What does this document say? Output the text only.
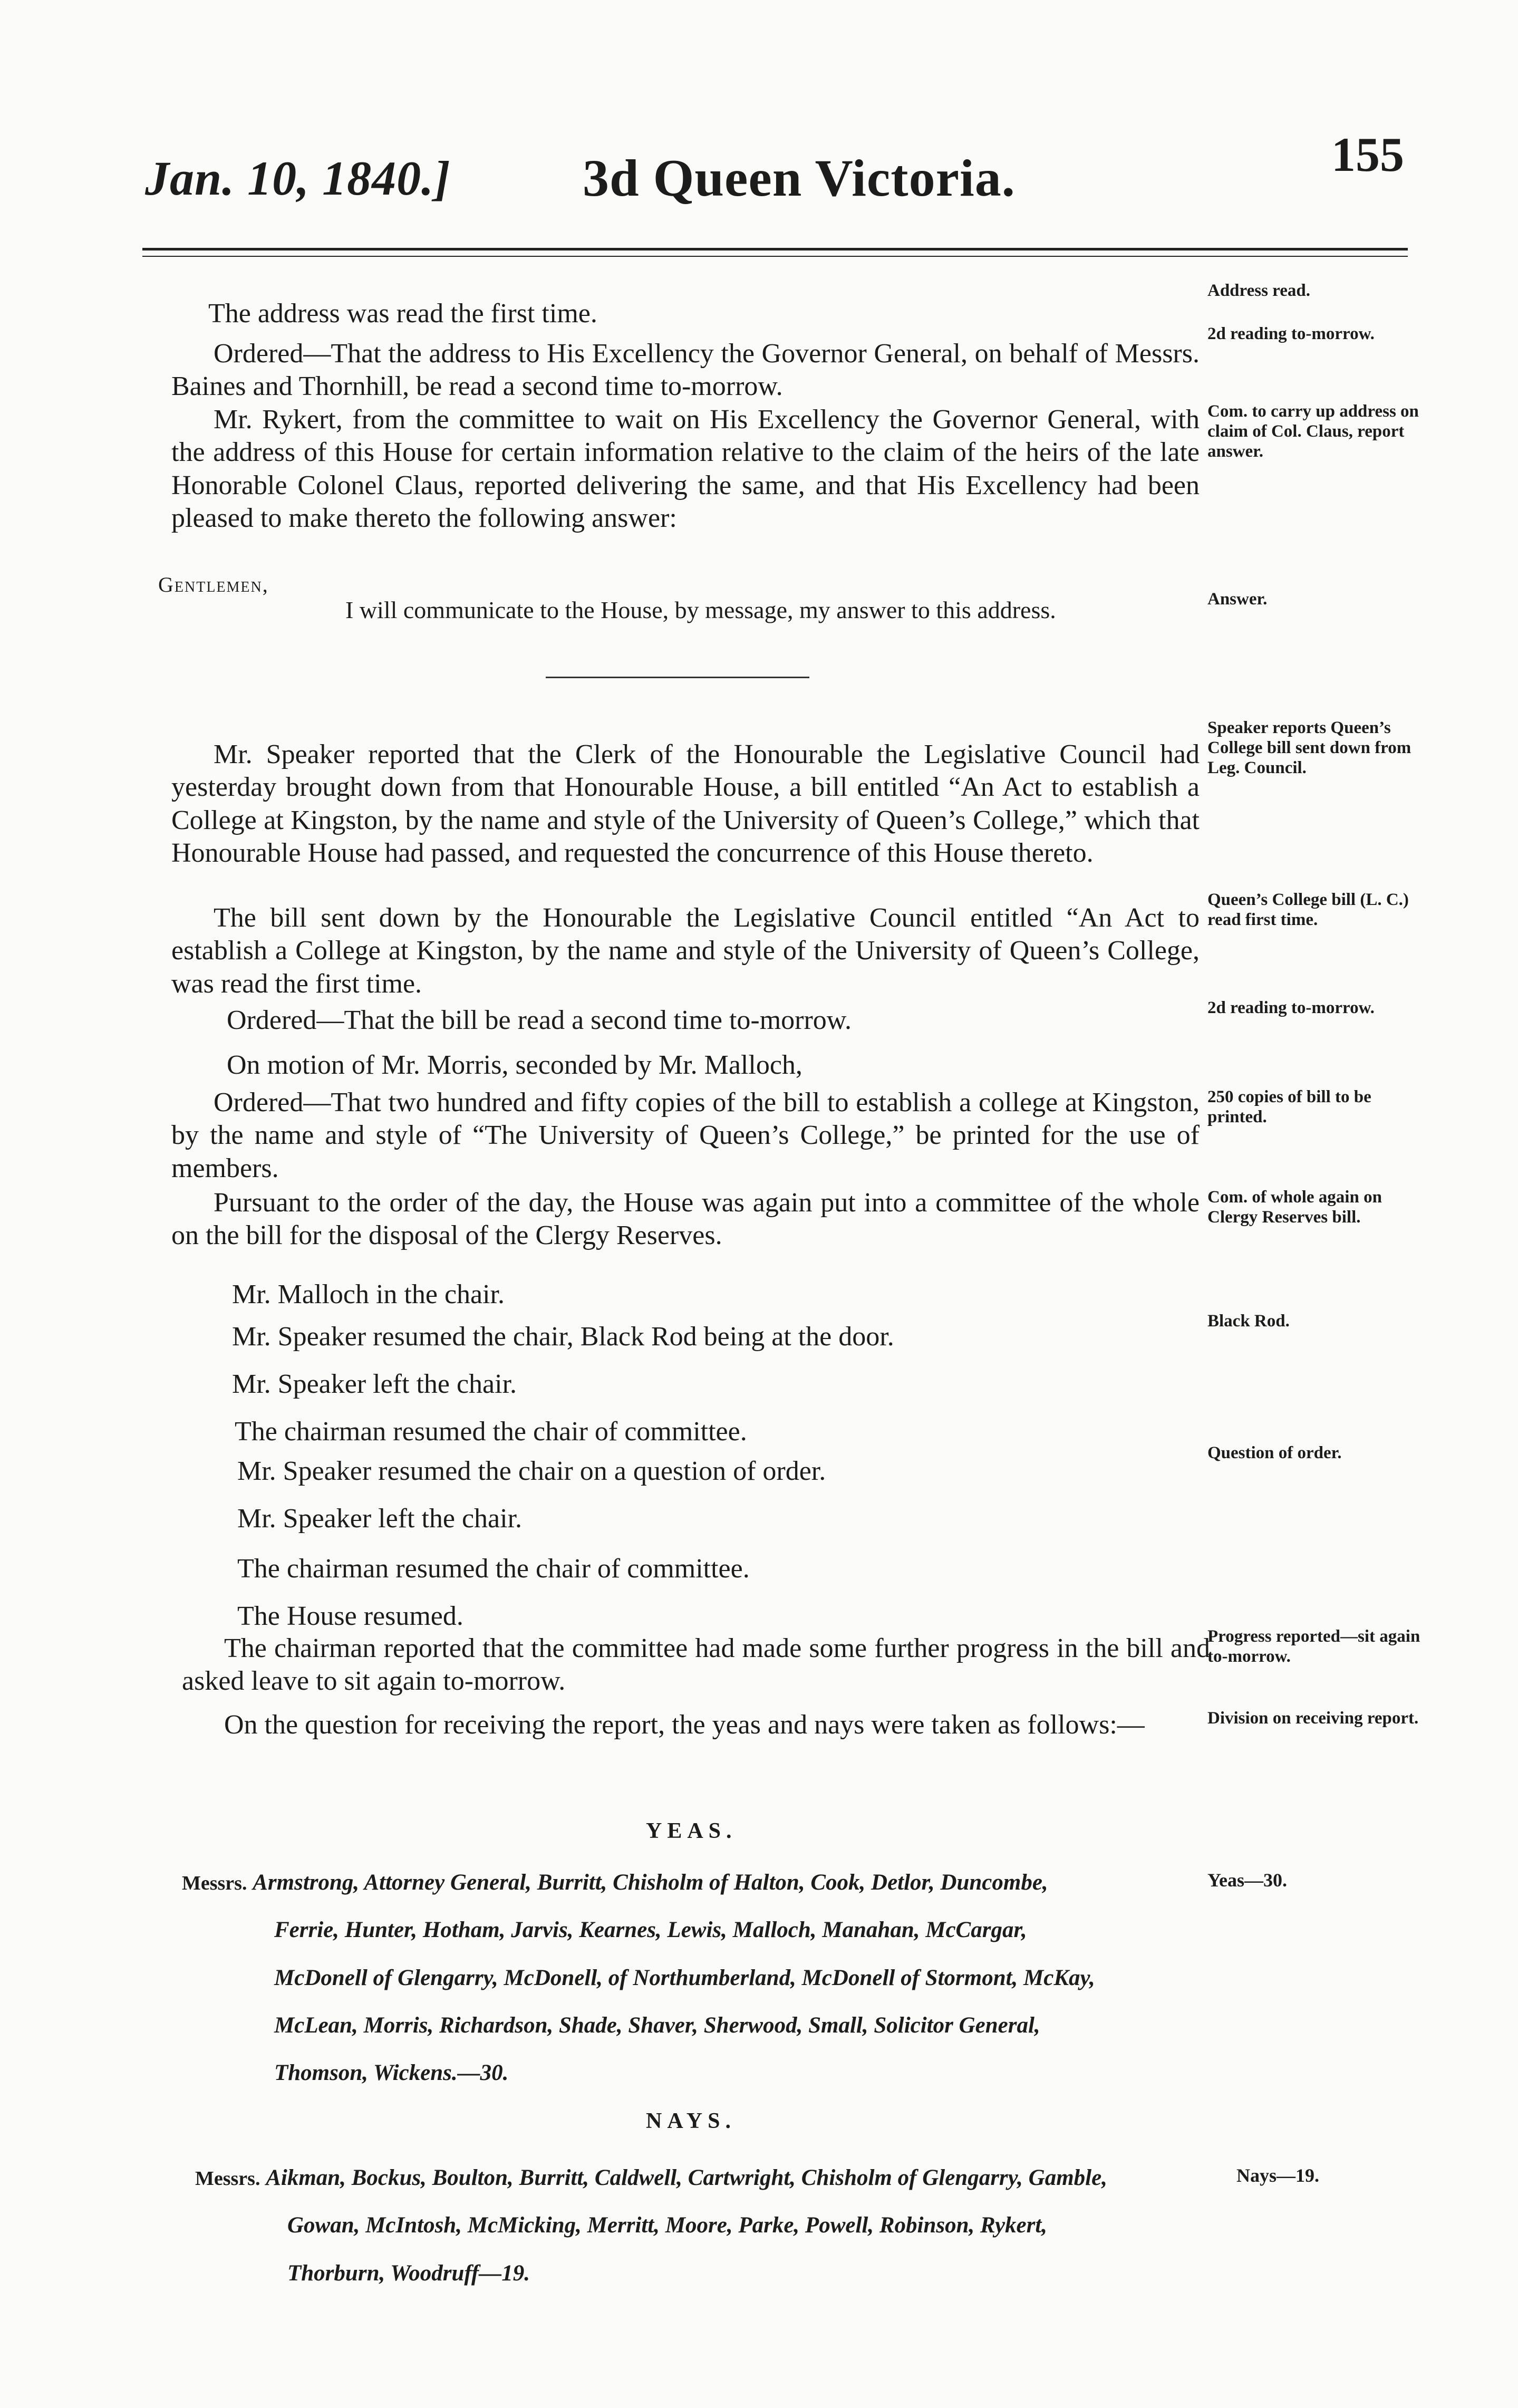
Jan. 10, 1840.]	3d Queen Victoria.	155
The address was read the first time.
Address read.
Ordered—That the address to His Excellency the Governor General, on behalf of Messrs. Baines and Thornhill, be read a second time to-morrow.
2d reading to-morrow.
Mr. Rykert, from the committee to wait on His Excellency the Governor General, with the address of this House for certain information relative to the claim of the heirs of the late Honorable Colonel Claus, reported delivering the same, and that His Excellency had been pleased to make thereto the following answer:
Com. to carry up address on claim of Col. Claus, report answer.
Gentlemen,
I will communicate to the House, by message, my answer to this address.	Answer.
Mr. Speaker reported that the Clerk of the Honourable the Legislative Council had yesterday brought down from that Honourable House, a bill entitled “An Act to establish a College at Kingston, by the name and style of the University of Queen’s College,” which that Honourable House had passed, and requested the concurrence of this House thereto.
Speaker reports Queen’s College bill sent down from Leg. Council.
The bill sent down by the Honourable the Legislative Council entitled “An Act to establish a College at Kingston, by the name and style of the University of Queen’s College, was read the first time.
Queen’s College bill (L. C.) read first time.
Ordered—That the bill be read a second time to-morrow.	2d reading to-morrow.
On motion of Mr. Morris, seconded by Mr. Malloch,
Ordered—That two hundred and fifty copies of the bill to establish a college at Kingston, by the name and style of “The University of Queen’s College,” be printed for the use of members.
250 copies of bill to be printed.
Pursuant to the order of the day, the House was again put into a committee of the whole on the bill for the disposal of the Clergy Reserves.
Com. of whole again on Clergy Reserves bill.
Mr. Malloch in the chair.
Mr. Speaker resumed the chair, Black Rod being at the door.
Black Rod.
Mr. Speaker left the chair.
The chairman resumed the chair of committee.
Mr. Speaker resumed the chair on a question of order.
Question of order.
Mr. Speaker left the chair.
The chairman resumed the chair of committee.
The House resumed.
The chairman reported that the committee had made some further progress in the bill and asked leave to sit again to-morrow.
Progress reported—sit again to-morrow.
On the question for receiving the report, the yeas and nays were taken as follows:—	Division on receiving report.
YEAS.
Messrs. Armstrong, Attorney General, Burritt, Chisholm of Halton, Cook, Detlor, Duncombe,
Ferrie, Hunter, Hotham, Jarvis, Kearnes, Lewis, Malloch, Manahan, McCargar,
McDonell of Glengarry, McDonell, of Northumberland, McDonell of Stormont, McKay,
McLean, Morris, Richardson, Shade, Shaver, Sherwood, Small, Solicitor General,
Thomson, Wickens.—30.
Yeas—30.
NAYS.
Messrs. Aikman, Bockus, Boulton, Burritt, Caldwell, Cartwright, Chisholm of Glengarry, Gamble,
Gowan, McIntosh, McMicking, Merritt, Moore, Parke, Powell, Robinson, Rykert,
Thorburn, Woodruff—19.
Nays—19.
